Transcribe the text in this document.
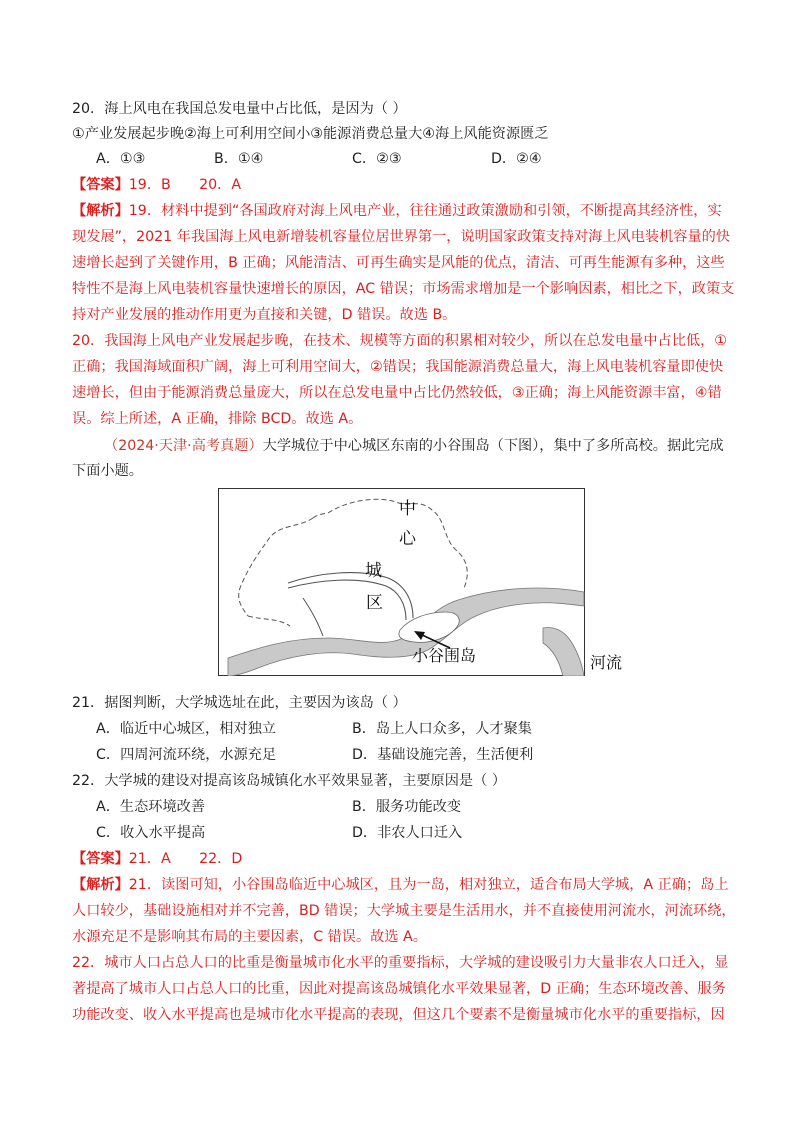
20．海上风电在我国总发电量中占比低，是因为（ ）
①产业发展起步晚②海上可利用空间小③能源消费总量大④海上风能资源匮乏
A．①③	B．①④	C．②③	D．②④
【答案】19．B　　20．A
【解析】19．材料中提到“各国政府对海上风电产业，往往通过政策激励和引领，不断提高其经济性，实
现发展”，2021 年我国海上风电新增装机容量位居世界第一，说明国家政策支持对海上风电装机容量的快
速增长起到了关键作用，B 正确；风能清洁、可再生确实是风能的优点，清洁、可再生能源有多种，这些
特性不是海上风电装机容量快速增长的原因，AC 错误；市场需求增加是一个影响因素，相比之下，政策支
持对产业发展的推动作用更为直接和关键，D 错误。故选 B。
20．我国海上风电产业发展起步晚，在技术、规模等方面的积累相对较少，所以在总发电量中占比低，①
正确；我国海域面积广阔，海上可利用空间大，②错误；我国能源消费总量大，海上风电装机容量即使快
速增长，但由于能源消费总量庞大，所以在总发电量中占比仍然较低，③正确；海上风能资源丰富，④错
误。综上所述，A 正确，排除 BCD。故选 A。
（2024·天津·高考真题）大学城位于中心城区东南的小谷围岛（下图），集中了多所高校。据此完成
下面小题。
中
心
城
区
小谷围岛	河流
21．据图判断，大学城选址在此，主要因为该岛（ ）
A．临近中心城区，相对独立	B．岛上人口众多，人才聚集
C．四周河流环绕，水源充足	D．基础设施完善，生活便利
22．大学城的建设对提高该岛城镇化水平效果显著，主要原因是（ ）
A．生态环境改善	B．服务功能改变
C．收入水平提高	D．非农人口迁入
【答案】21．A　　22．D
【解析】21．读图可知，小谷围岛临近中心城区，且为一岛，相对独立，适合布局大学城，A 正确；岛上
人口较少，基础设施相对并不完善，BD 错误；大学城主要是生活用水，并不直接使用河流水，河流环绕，
水源充足不是影响其布局的主要因素，C 错误。故选 A。
22．城市人口占总人口的比重是衡量城市化水平的重要指标，大学城的建设吸引力大量非农人口迁入，显
著提高了城市人口占总人口的比重，因此对提高该岛城镇化水平效果显著，D 正确；生态环境改善、服务
功能改变、收入水平提高也是城市化水平提高的表现，但这几个要素不是衡量城市化水平的重要指标，因
